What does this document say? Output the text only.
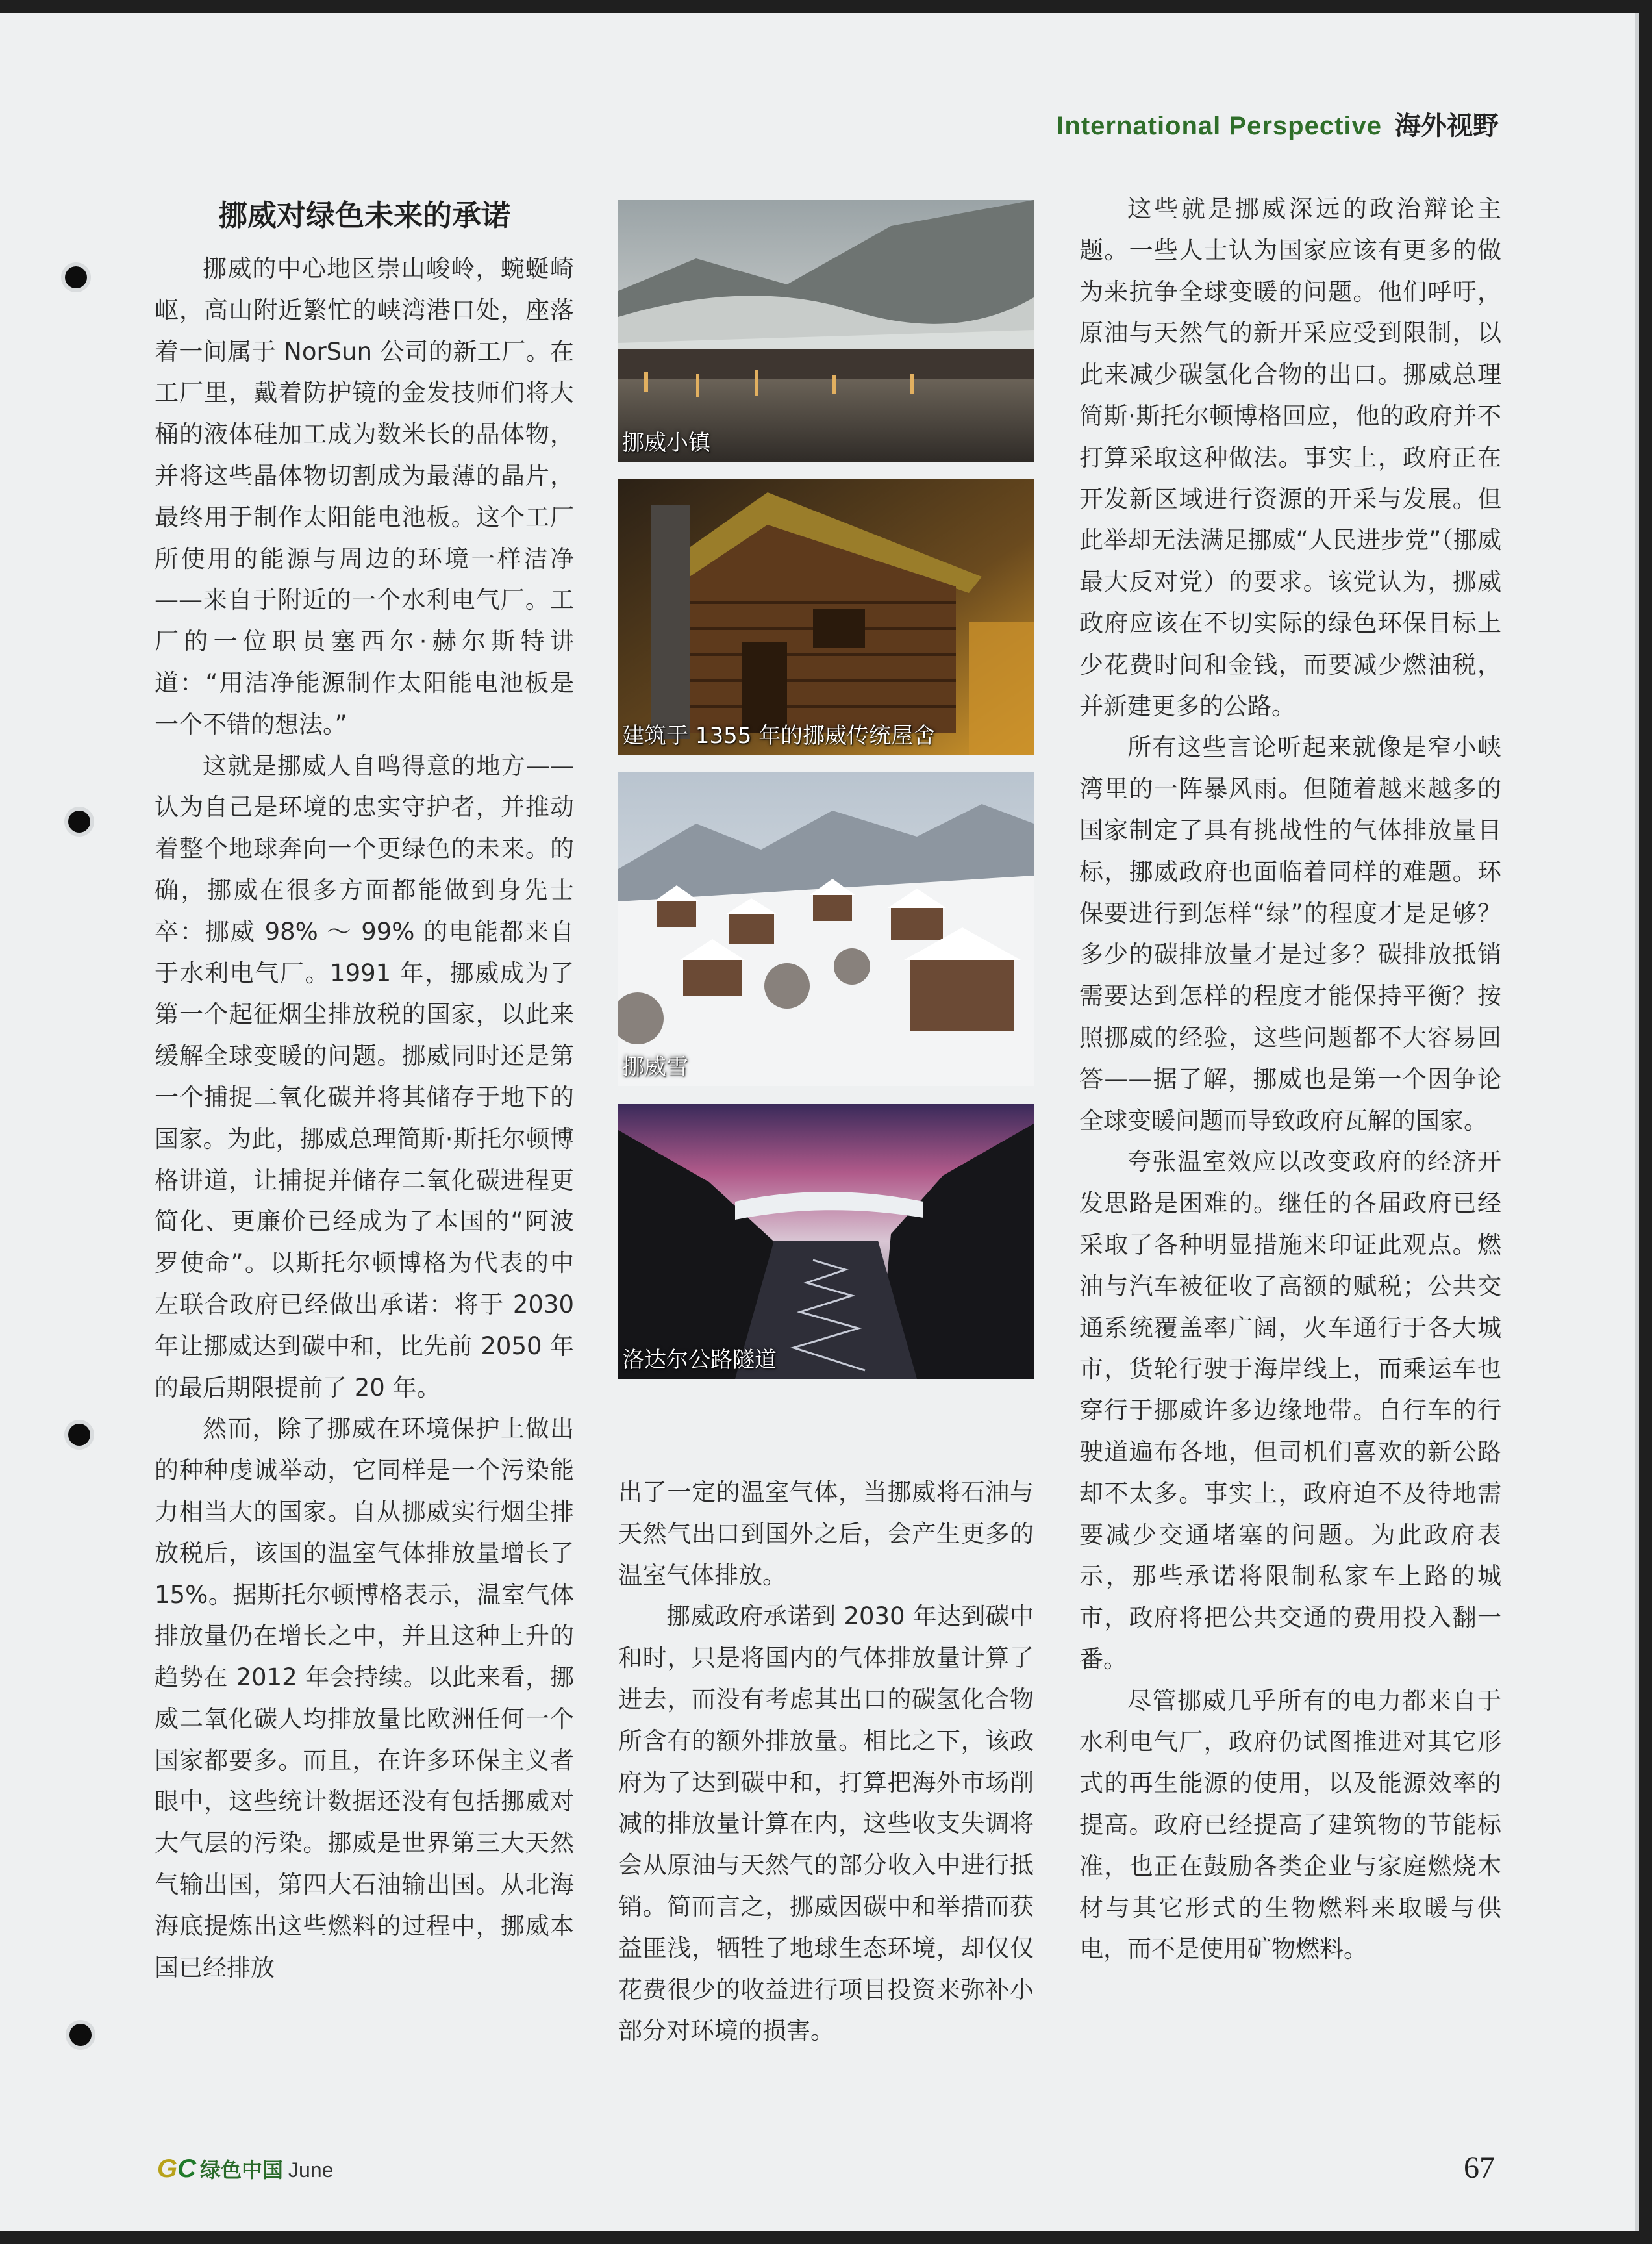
International Perspective 海外视野
挪威对绿色未来的承诺

挪威的中心地区崇山峻岭，蜿蜒崎岖，高山附近繁忙的峡湾港口处，座落着一间属于 NorSun 公司的新工厂。在工厂里，戴着防护镜的金发技师们将大桶的液体硅加工成为数米长的晶体物，并将这些晶体物切割成为最薄的晶片，最终用于制作太阳能电池板。这个工厂所使用的能源与周边的环境一样洁净——来自于附近的一个水利电气厂。工厂的一位职员塞西尔·赫尔斯特讲道：“用洁净能源制作太阳能电池板是一个不错的想法。”

这就是挪威人自鸣得意的地方——认为自己是环境的忠实守护者，并推动着整个地球奔向一个更绿色的未来。的确，挪威在很多方面都能做到身先士卒：挪威 98% ～ 99% 的电能都来自于水利电气厂。1991 年，挪威成为了第一个起征烟尘排放税的国家，以此来缓解全球变暖的问题。挪威同时还是第一个捕捉二氧化碳并将其储存于地下的国家。为此，挪威总理简斯·斯托尔顿博格讲道，让捕捉并储存二氧化碳进程更简化、更廉价已经成为了本国的“阿波罗使命”。以斯托尔顿博格为代表的中左联合政府已经做出承诺：将于 2030 年让挪威达到碳中和，比先前 2050 年的最后期限提前了 20 年。

然而，除了挪威在环境保护上做出的种种虔诚举动，它同样是一个污染能力相当大的国家。自从挪威实行烟尘排放税后，该国的温室气体排放量增长了 15%。据斯托尔顿博格表示，温室气体排放量仍在增长之中，并且这种上升的趋势在 2012 年会持续。以此来看，挪威二氧化碳人均排放量比欧洲任何一个国家都要多。而且，在许多环保主义者眼中，这些统计数据还没有包括挪威对大气层的污染。挪威是世界第三大天然气输出国，第四大石油输出国。从北海海底提炼出这些燃料的过程中，挪威本国已经排放

挪威小镇
建筑于 1355 年的挪威传统屋舍
挪威雪
洛达尔公路隧道

出了一定的温室气体，当挪威将石油与天然气出口到国外之后，会产生更多的温室气体排放。

挪威政府承诺到 2030 年达到碳中和时，只是将国内的气体排放量计算了进去，而没有考虑其出口的碳氢化合物所含有的额外排放量。相比之下，该政府为了达到碳中和，打算把海外市场削减的排放量计算在内，这些收支失调将会从原油与天然气的部分收入中进行抵销。简而言之，挪威因碳中和举措而获益匪浅，牺牲了地球生态环境，却仅仅花费很少的收益进行项目投资来弥补小部分对环境的损害。

这些就是挪威深远的政治辩论主题。一些人士认为国家应该有更多的做为来抗争全球变暖的问题。他们呼吁，原油与天然气的新开采应受到限制，以此来减少碳氢化合物的出口。挪威总理简斯·斯托尔顿博格回应，他的政府并不打算采取这种做法。事实上，政府正在开发新区域进行资源的开采与发展。但此举却无法满足挪威“人民进步党”（挪威最大反对党）的要求。该党认为，挪威政府应该在不切实际的绿色环保目标上少花费时间和金钱，而要减少燃油税，并新建更多的公路。

所有这些言论听起来就像是窄小峡湾里的一阵暴风雨。但随着越来越多的国家制定了具有挑战性的气体排放量目标，挪威政府也面临着同样的难题。环保要进行到怎样“绿”的程度才是足够？多少的碳排放量才是过多？碳排放抵销需要达到怎样的程度才能保持平衡？按照挪威的经验，这些问题都不大容易回答——据了解，挪威也是第一个因争论全球变暖问题而导致政府瓦解的国家。

夸张温室效应以改变政府的经济开发思路是困难的。继任的各届政府已经采取了各种明显措施来印证此观点。燃油与汽车被征收了高额的赋税；公共交通系统覆盖率广阔，火车通行于各大城市，货轮行驶于海岸线上，而乘运车也穿行于挪威许多边缘地带。自行车的行驶道遍布各地，但司机们喜欢的新公路却不太多。事实上，政府迫不及待地需要减少交通堵塞的问题。为此政府表示，那些承诺将限制私家车上路的城市，政府将把公共交通的费用投入翻一番。

尽管挪威几乎所有的电力都来自于水利电气厂，政府仍试图推进对其它形式的再生能源的使用，以及能源效率的提高。政府已经提高了建筑物的节能标准，也正在鼓励各类企业与家庭燃烧木材与其它形式的生物燃料来取暖与供电，而不是使用矿物燃料。

GC 绿色中国 June	67
